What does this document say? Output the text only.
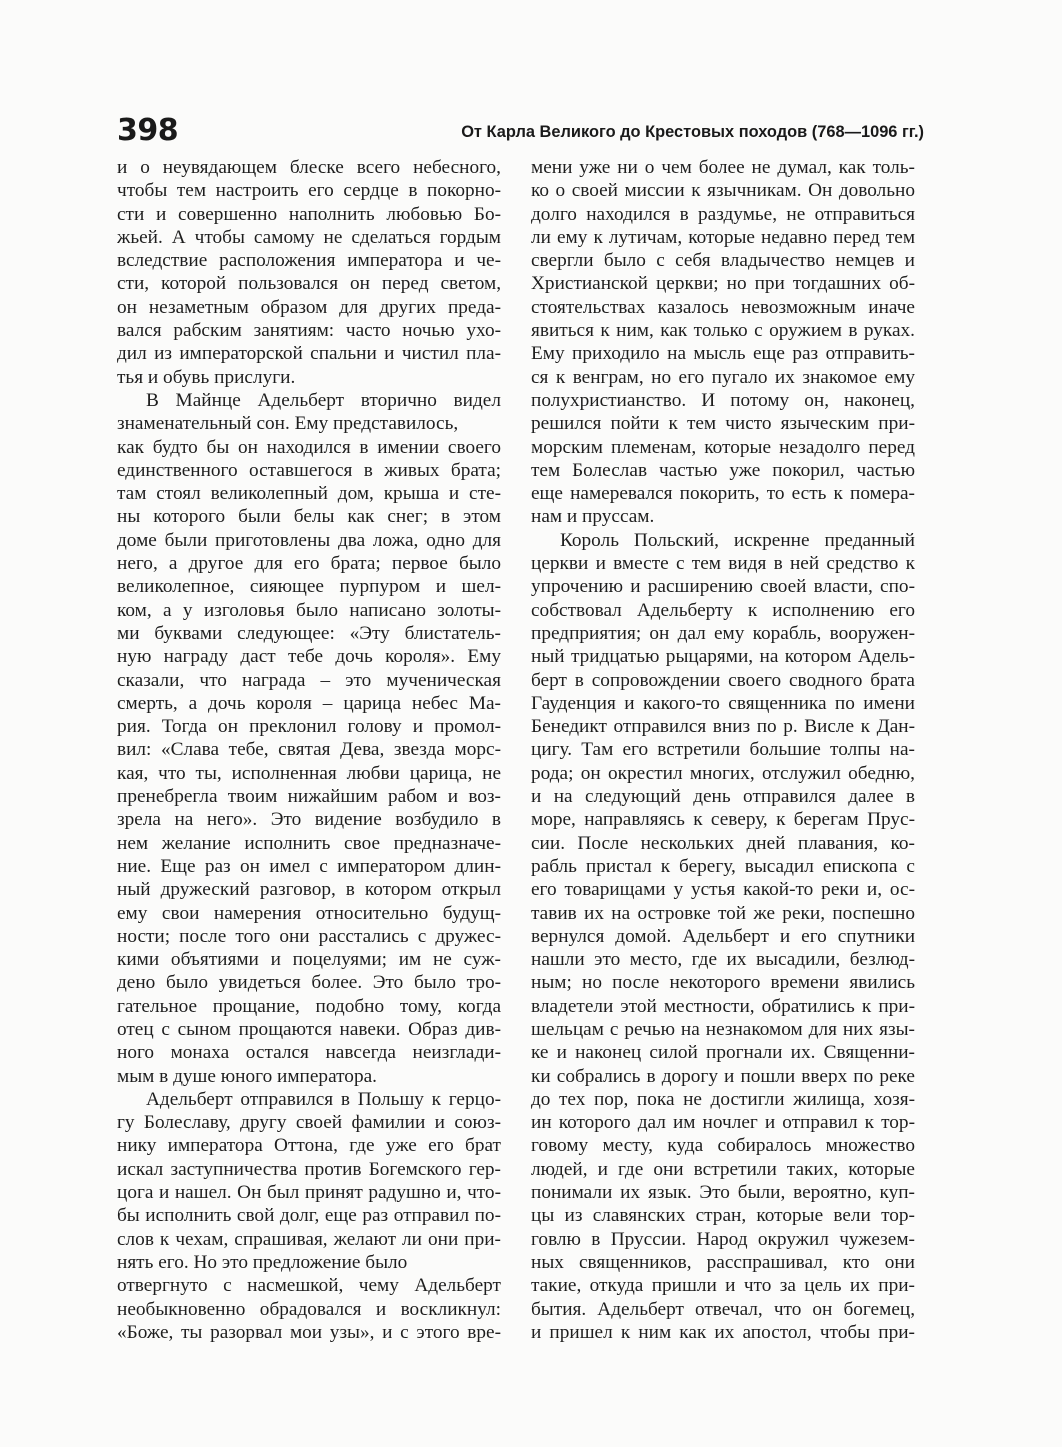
398	От Карла Великого до Крестовых походов (768—1096 гг.)
и о неувядающем блеске всего небесного,
чтобы тем настроить его сердце в покорно-
сти и совершенно наполнить любовью Бо-
жьей. А чтобы самому не сделаться гордым
вследствие расположения императора и че-
сти, которой пользовался он перед светом,
он незаметным образом для других преда-
вался рабским занятиям: часто ночью ухо-
дил из императорской спальни и чистил пла-
тья и обувь прислуги.
В Майнце Адельберт вторично видел
знаменательный сон. Ему представилось,
как будто бы он находился в имении своего
единственного оставшегося в живых брата;
там стоял великолепный дом, крыша и сте-
ны которого были белы как снег; в этом
доме были приготовлены два ложа, одно для
него, а другое для его брата; первое было
великолепное, сияющее пурпуром и шел-
ком, а у изголовья было написано золоты-
ми буквами следующее: «Эту блистатель-
ную награду даст тебе дочь короля». Ему
сказали, что награда – это мученическая
смерть, а дочь короля – царица небес Ма-
рия. Тогда он преклонил голову и промол-
вил: «Слава тебе, святая Дева, звезда морс-
кая, что ты, исполненная любви царица, не
пренебрегла твоим нижайшим рабом и воз-
зрела на него». Это видение возбудило в
нем желание исполнить свое предназначе-
ние. Еще раз он имел с императором длин-
ный дружеский разговор, в котором открыл
ему свои намерения относительно будущ-
ности; после того они расстались с дружес-
кими объятиями и поцелуями; им не суж-
дено было увидеться более. Это было тро-
гательное прощание, подобно тому, когда
отец с сыном прощаются навеки. Образ див-
ного монаха остался навсегда неизглади-
мым в душе юного императора.
Адельберт отправился в Польшу к герцо-
гу Болеславу, другу своей фамилии и союз-
нику императора Оттона, где уже его брат
искал заступничества против Богемского гер-
цога и нашел. Он был принят радушно и, что-
бы исполнить свой долг, еще раз отправил по-
слов к чехам, спрашивая, желают ли они при-
нять его. Но это предложение было
отвергнуто с насмешкой, чему Адельберт
необыкновенно обрадовался и воскликнул:
«Боже, ты разорвал мои узы», и с этого вре-
мени уже ни о чем более не думал, как толь-
ко о своей миссии к язычникам. Он довольно
долго находился в раздумье, не отправиться
ли ему к лутичам, которые недавно перед тем
свергли было с себя владычество немцев и
Христианской церкви; но при тогдашних об-
стоятельствах казалось невозможным иначе
явиться к ним, как только с оружием в руках.
Ему приходило на мысль еще раз отправить-
ся к венграм, но его пугало их знакомое ему
полухристианство. И потому он, наконец,
решился пойти к тем чисто языческим при-
морским племенам, которые незадолго перед
тем Болеслав частью уже покорил, частью
еще намеревался покорить, то есть к помера-
нам и пруссам.
Король Польский, искренне преданный
церкви и вместе с тем видя в ней средство к
упрочению и расширению своей власти, спо-
собствовал Адельберту к исполнению его
предприятия; он дал ему корабль, вооружен-
ный тридцатью рыцарями, на котором Адель-
берт в сопровождении своего сводного брата
Гауденция и какого-то священника по имени
Бенедикт отправился вниз по р. Висле к Дан-
цигу. Там его встретили большие толпы на-
рода; он окрестил многих, отслужил обедню,
и на следующий день отправился далее в
море, направляясь к северу, к берегам Прус-
сии. После нескольких дней плавания, ко-
рабль пристал к берегу, высадил епископа с
его товарищами у устья какой-то реки и, ос-
тавив их на островке той же реки, поспешно
вернулся домой. Адельберт и его спутники
нашли это место, где их высадили, безлюд-
ным; но после некоторого времени явились
владетели этой местности, обратились к при-
шельцам с речью на незнакомом для них язы-
ке и наконец силой прогнали их. Священни-
ки собрались в дорогу и пошли вверх по реке
до тех пор, пока не достигли жилища, хозя-
ин которого дал им ночлег и отправил к тор-
говому месту, куда собиралось множество
людей, и где они встретили таких, которые
понимали их язык. Это были, вероятно, куп-
цы из славянских стран, которые вели тор-
говлю в Пруссии. Народ окружил чужезем-
ных священников, расспрашивал, кто они
такие, откуда пришли и что за цель их при-
бытия. Адельберт отвечал, что он богемец,
и пришел к ним как их апостол, чтобы при-
